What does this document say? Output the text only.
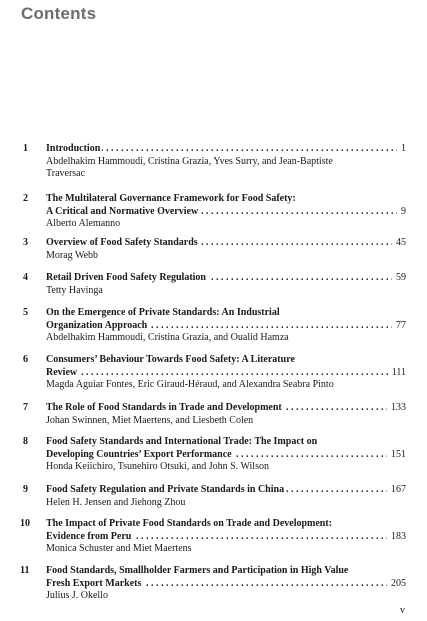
Contents
1 Introduction	1
. . .
Abdelhakim Hammoudi, Cristina Grazia, Yves Surry, and Jean-Baptiste
Traversac
2 The Multilateral Governance Framework for Food Safety:
A Critical and Normative Overview	9
. . .
Alberto Alemanno
3 Overview of Food Safety Standards	45
. . .
Morag Webb
4 Retail Driven Food Safety Regulation	59
. . .
Tetty Havinga
5 On the Emergence of Private Standards: An Industrial
Organization Approach	77
. . .
Abdelhakim Hammoudi, Cristina Grazia, and Oualid Hamza
6 Consumers’ Behaviour Towards Food Safety: A Literature
Review	111
. . .
Magda Aguiar Fontes, Eric Giraud-Héraud, and Alexandra Seabra Pinto
7 The Role of Food Standards in Trade and Development	133
. . .
Johan Swinnen, Miet Maertens, and Liesbeth Colen
8 Food Safety Standards and International Trade: The Impact on
Developing Countries’ Export Performance	151
. . .
Honda Keiichiro, Tsunehiro Otsuki, and John S. Wilson
9 Food Safety Regulation and Private Standards in China	167
. . .
Helen H. Jensen and Jiehong Zhou
10 The Impact of Private Food Standards on Trade and Development:
Evidence from Peru	183
. . .
Monica Schuster and Miet Maertens
11 Food Standards, Smallholder Farmers and Participation in High Value
Fresh Export Markets	205
. . .
Julius J. Okello
v
